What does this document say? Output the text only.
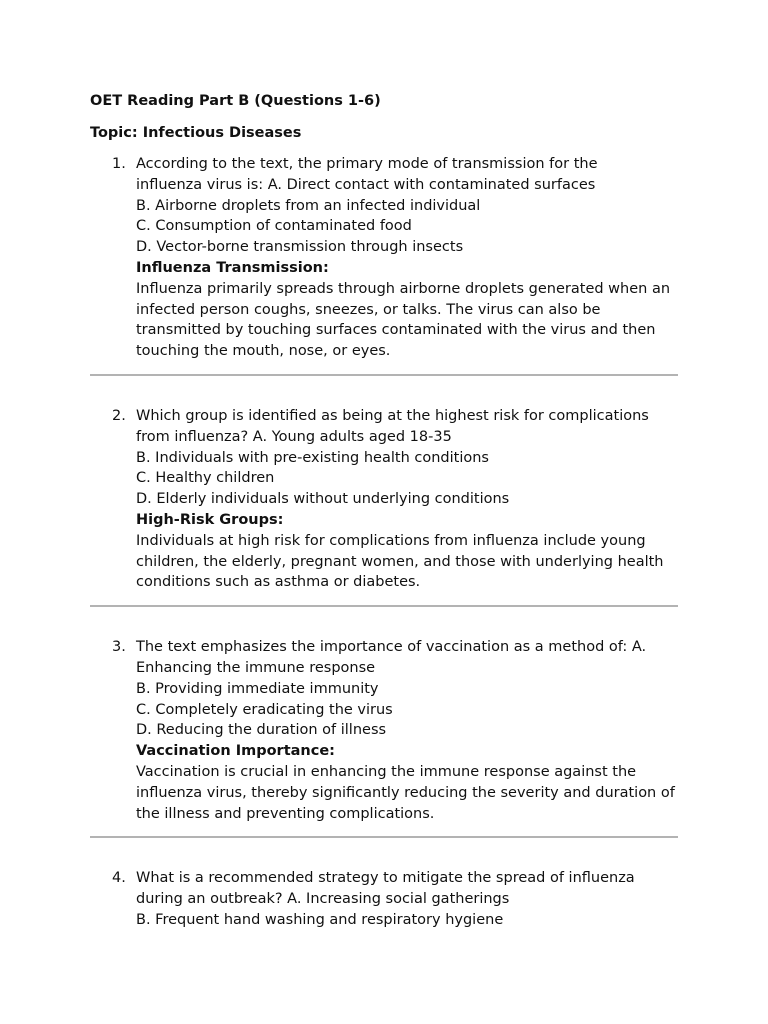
OET Reading Part B (Questions 1-6)

Topic: Infectious Diseases

1. According to the text, the primary mode of transmission for the
influenza virus is: A. Direct contact with contaminated surfaces
B. Airborne droplets from an infected individual
C. Consumption of contaminated food
D. Vector-borne transmission through insects
Influenza Transmission:
Influenza primarily spreads through airborne droplets generated when an infected person coughs, sneezes, or talks. The virus can also be transmitted by touching surfaces contaminated with the virus and then touching the mouth, nose, or eyes.
2. Which group is identified as being at the highest risk for complications
from influenza? A. Young adults aged 18-35
B. Individuals with pre-existing health conditions
C. Healthy children
D. Elderly individuals without underlying conditions
High-Risk Groups:
Individuals at high risk for complications from influenza include young children, the elderly, pregnant women, and those with underlying health conditions such as asthma or diabetes.
3. The text emphasizes the importance of vaccination as a method of: A.
Enhancing the immune response
B. Providing immediate immunity
C. Completely eradicating the virus
D. Reducing the duration of illness
Vaccination Importance:
Vaccination is crucial in enhancing the immune response against the influenza virus, thereby significantly reducing the severity and duration of the illness and preventing complications.
4. What is a recommended strategy to mitigate the spread of influenza
during an outbreak? A. Increasing social gatherings
B. Frequent hand washing and respiratory hygiene
